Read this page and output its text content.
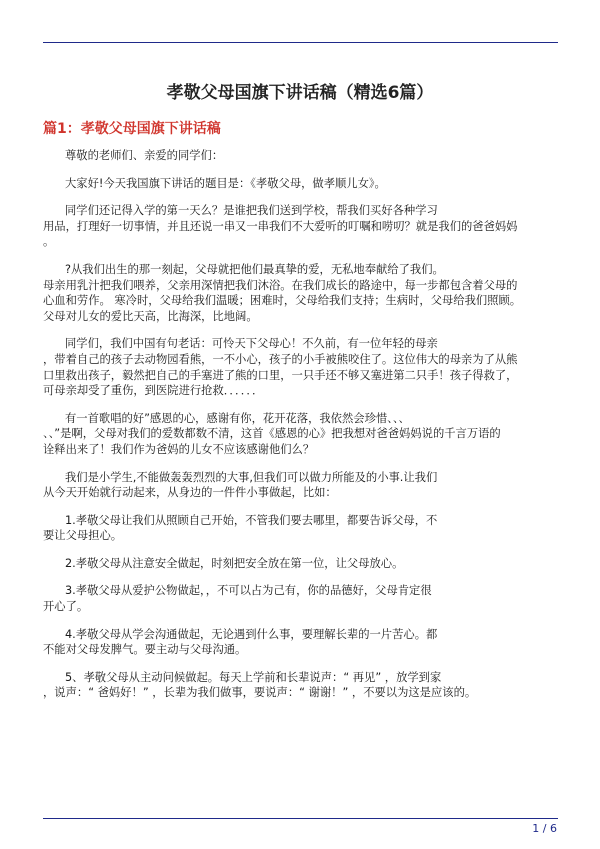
孝敬父母国旗下讲话稿（精选6篇）
篇1：孝敬父母国旗下讲话稿
尊敬的老师们、亲爱的同学们：
大家好!今天我国旗下讲话的题目是：《孝敬父母，做孝顺儿女》。
同学们还记得入学的第一天么？是谁把我们送到学校，帮我们买好各种学习
用品，打理好一切事情，并且还说一串又一串我们不大爱听的叮嘱和唠叨？就是我们的爸爸妈妈
。
?从我们出生的那一刻起，父母就把他们最真挚的爱，无私地奉献给了我们。
母亲用乳汁把我们喂养，父亲用深情把我们沐浴。在我们成长的路途中，每一步都包含着父母的
心血和劳作。 寒冷时，父母给我们温暖；困难时，父母给我们支持；生病时，父母给我们照顾。
父母对儿女的爱比天高，比海深，比地阔。
同学们，我们中国有句老话：可怜天下父母心！不久前，有一位年轻的母亲
，带着自己的孩子去动物园看熊，一不小心，孩子的小手被熊咬住了。这位伟大的母亲为了从熊
口里救出孩子，毅然把自己的手塞进了熊的口里，一只手还不够又塞进第二只手！孩子得救了，
可母亲却受了重伤，到医院进行抢救．．．．．．
有一首歌唱的好”感恩的心，感谢有你，花开花落，我依然会珍惜、、、
、、”是啊，父母对我们的爱数都数不清，这首《感恩的心》把我想对爸爸妈妈说的千言万语的
诠释出来了！我们作为爸妈的儿女不应该感谢他们么？
我们是小学生,不能做轰轰烈烈的大事,但我们可以做力所能及的小事.让我们
从今天开始就行动起来，从身边的一件件小事做起，比如：
1.孝敬父母让我们从照顾自己开始，不管我们要去哪里，都要告诉父母，不
要让父母担心。
2.孝敬父母从注意安全做起，时刻把安全放在第一位，让父母放心。
3.孝敬父母从爱护公物做起，，不可以占为己有，你的品德好，父母肯定很
开心了。
4.孝敬父母从学会沟通做起，无论遇到什么事，要理解长辈的一片苦心。都
不能对父母发脾气。要主动与父母沟通。
5、孝敬父母从主动问候做起。每天上学前和长辈说声：“ 再见” ，放学到家
，说声：“ 爸妈好！” ，长辈为我们做事，要说声：“ 谢谢！” ，不要以为这是应该的。
1 / 6
